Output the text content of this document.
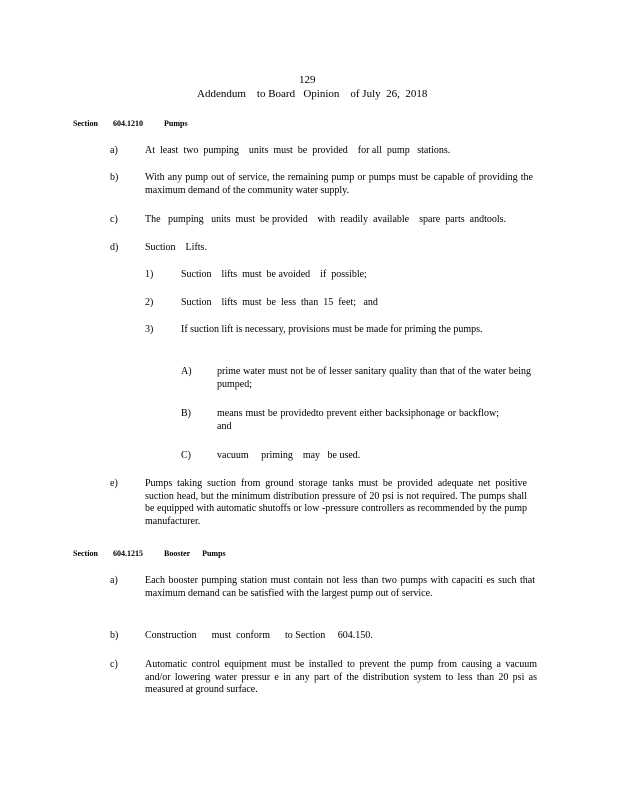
129
Addendum    to Board   Opinion    of July  26,  2018
Section 604.1210	Pumps
a)	At  least  two  pumping    units  must  be  provided    for all  pump   stations.
b)	With any pump out of service, the remaining pump or pumps must be capable of providing the maximum demand of the community water supply.
c)	The   pumping   units  must  be provided    with  readily  available    spare  parts  andtools.
d)	Suction    Lifts.
1)	Suction    lifts  must  be avoided    if  possible;
2)	Suction    lifts  must  be  less  than  15  feet;   and
3)	If suction lift is necessary, provisions must be made for priming the pumps.
A)	prime water must not be of lesser sanitary quality than that of the water being pumped;
B)	means must be providedto prevent either backsiphonage or backflow; and
C)	vacuum     priming    may   be used.
e)	Pumps taking suction from ground storage tanks must be provided adequate net positive suction head, but the minimum distribution pressure of 20 psi is not required. The pumps shall be equipped with automatic shutoffs or low -pressure controllers as recommended by the pump manufacturer.
Section 604.1215	Booster      Pumps
a)	Each booster pumping station must contain not less than two pumps with capaciti es such that maximum demand can be satisfied with the largest pump out of service.
b)	Construction      must  conform      to Section     604.150.
c)	Automatic control equipment must be installed to prevent the pump from causing a vacuum and/or lowering water pressur e in any part of the distribution system to less than 20 psi as measured at ground surface.
